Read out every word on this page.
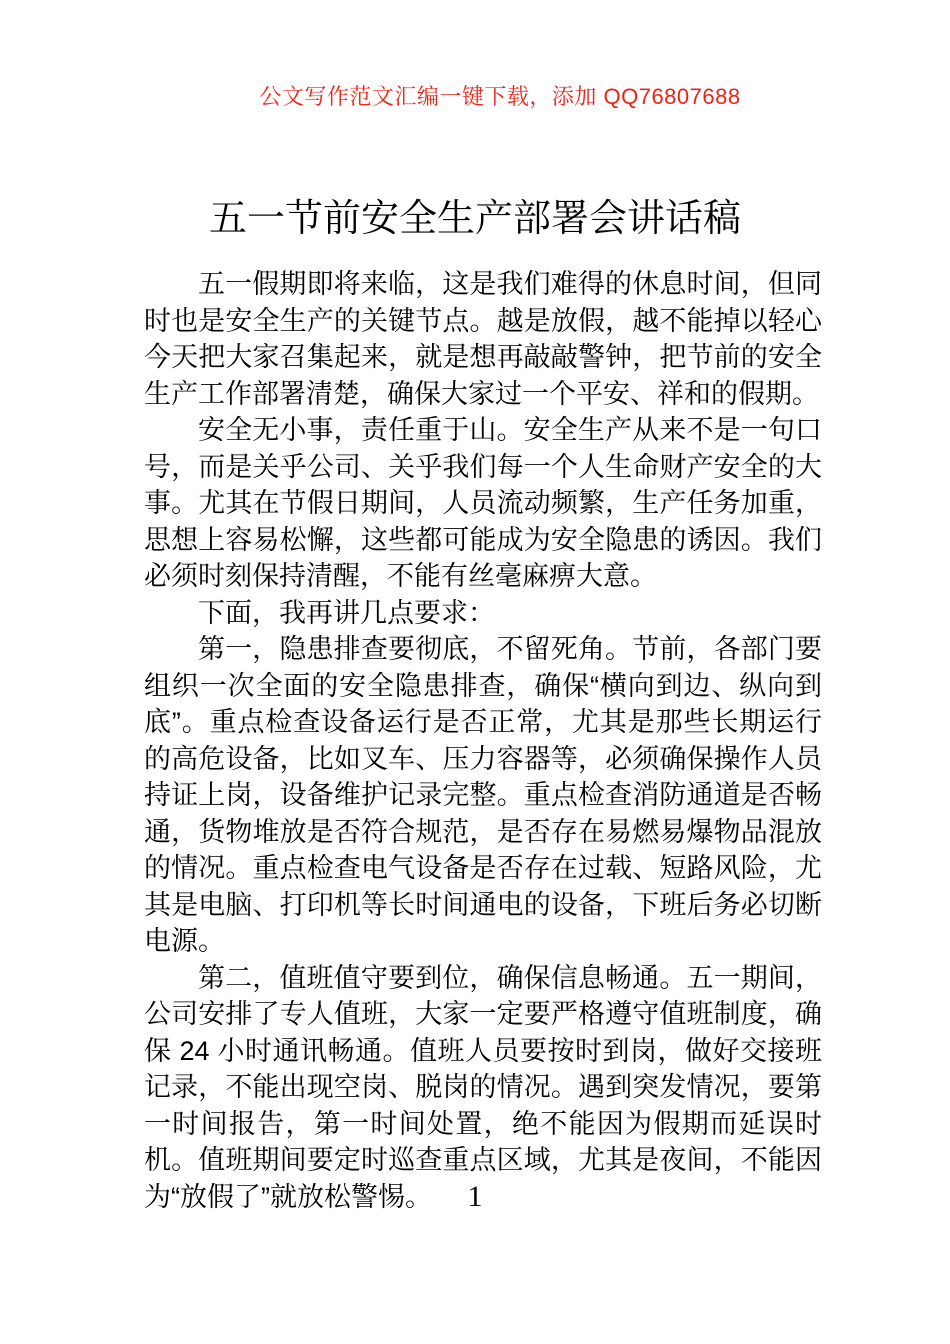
公文写作范文汇编一键下载，添加 QQ76807688
五一节前安全生产部署会讲话稿

五一假期即将来临，这是我们难得的休息时间，但同时也是安全生产的关键节点。越是放假，越不能掉以轻心今天把大家召集起来，就是想再敲敲警钟，把节前的安全生产工作部署清楚，确保大家过一个平安、祥和的假期。

安全无小事，责任重于山。安全生产从来不是一句口号，而是关乎公司、关乎我们每一个人生命财产安全的大事。尤其在节假日期间，人员流动频繁，生产任务加重，思想上容易松懈，这些都可能成为安全隐患的诱因。我们必须时刻保持清醒，不能有丝毫麻痹大意。

下面，我再讲几点要求：

第一，隐患排查要彻底，不留死角。节前，各部门要组织一次全面的安全隐患排查，确保“横向到边、纵向到底”。重点检查设备运行是否正常，尤其是那些长期运行的高危设备，比如叉车、压力容器等，必须确保操作人员持证上岗，设备维护记录完整。重点检查消防通道是否畅通，货物堆放是否符合规范，是否存在易燃易爆物品混放的情况。重点检查电气设备是否存在过载、短路风险，尤其是电脑、打印机等长时间通电的设备，下班后务必切断电源。

第二，值班值守要到位，确保信息畅通。五一期间，公司安排了专人值班，大家一定要严格遵守值班制度，确保 24 小时通讯畅通。值班人员要按时到岗，做好交接班记录，不能出现空岗、脱岗的情况。遇到突发情况，要第一时间报告，第一时间处置，绝不能因为假期而延误时机。值班期间要定时巡查重点区域，尤其是夜间，不能因为“放假了”就放松警惕。	1
